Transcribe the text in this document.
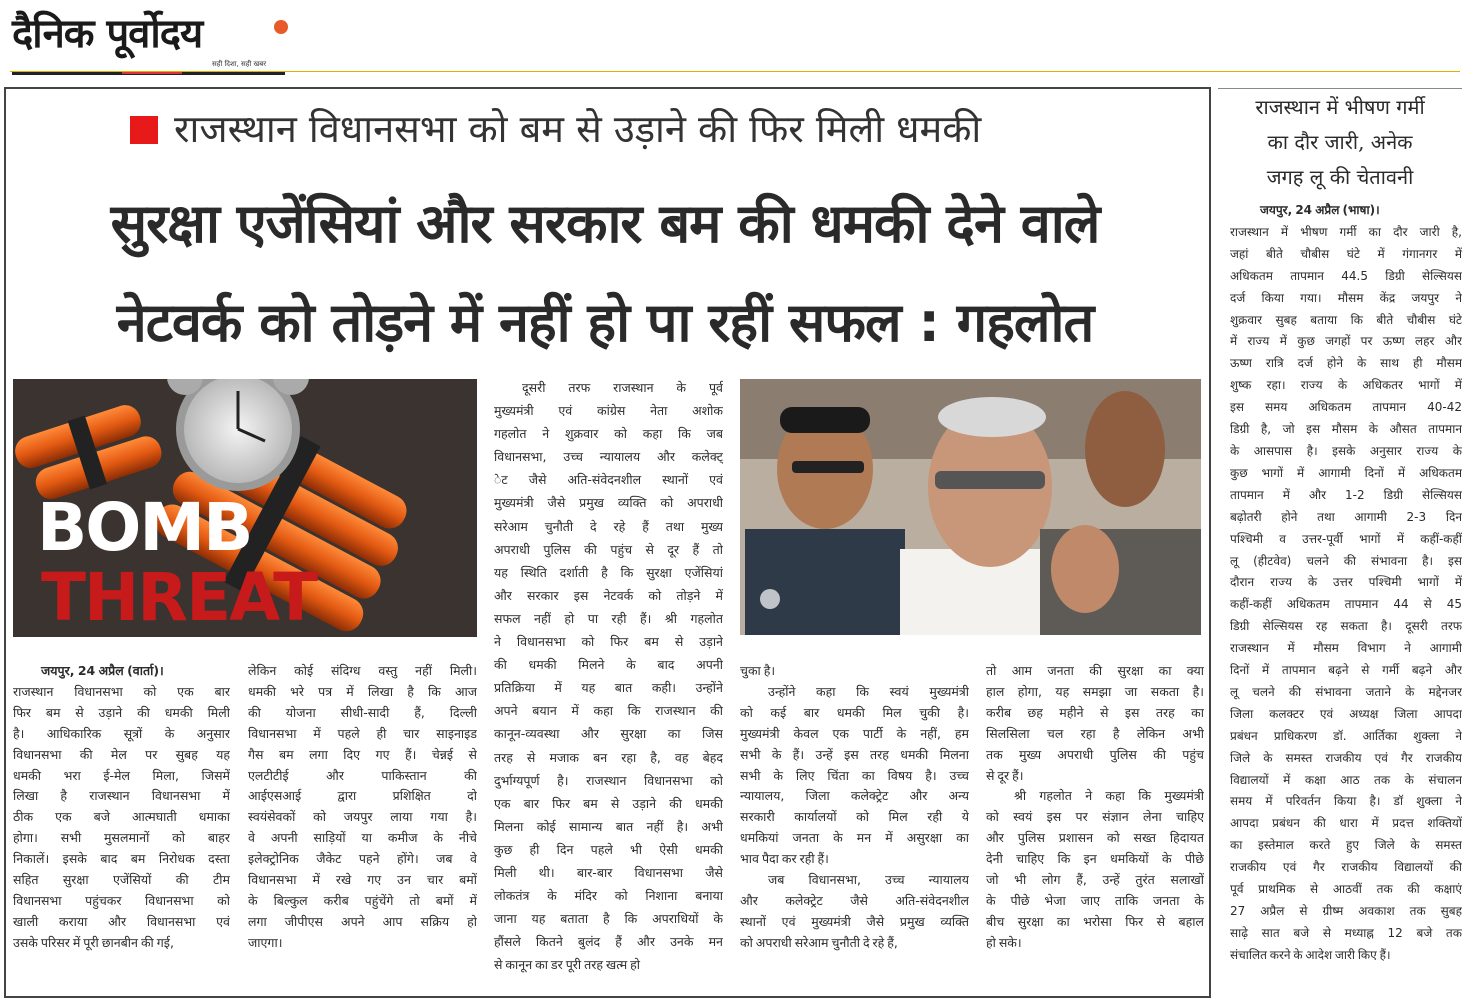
दैनिक पूर्वोदय
सही दिशा, सही खबर
राजस्थान विधानसभा को बम से उड़ाने की फिर मिली धमकी
सुरक्षा एजेंसियां और सरकार बम की धमकी देने वाले
नेटवर्क को तोड़ने में नहीं हो पा रहीं सफल : गहलोत
BOMB
THREAT
जयपुर, 24 अप्रैल (वार्ता)।
राजस्थान विधानसभा को एक बार
फिर बम से उड़ाने की धमकी मिली
है। आधिकारिक सूत्रों के अनुसार
विधानसभा की मेल पर सुबह यह
धमकी भरा ई-मेल मिला, जिसमें
लिखा है राजस्थान विधानसभा में
ठीक एक बजे आत्मघाती धमाका
होगा। सभी मुसलमानों को बाहर
निकालें। इसके बाद बम निरोधक दस्ता
सहित सुरक्षा एजेंसियों की टीम
विधानसभा पहुंचकर विधानसभा को
खाली कराया और विधानसभा एवं
उसके परिसर में पूरी छानबीन की गई,
लेकिन कोई संदिग्ध वस्तु नहीं मिली।
धमकी भरे पत्र में लिखा है कि आज
की योजना सीधी-सादी हैं, दिल्ली
विधानसभा में पहले ही चार साइनाइड
गैस बम लगा दिए गए हैं। चेन्नई से
एलटीटीई और पाकिस्तान की
आईएसआई द्वारा प्रशिक्षित दो
स्वयंसेवकों को जयपुर लाया गया है।
वे अपनी साड़ियों या कमीज के नीचे
इलेक्ट्रोनिक जैकेट पहने होंगे। जब वे
विधानसभा में रखे गए उन चार बमों
के बिल्कुल करीब पहुंचेंगे तो बमों में
लगा जीपीएस अपने आप सक्रिय हो
जाएगा।
दूसरी तरफ राजस्थान के पूर्व
मुख्यमंत्री एवं कांग्रेस नेता अशोक
गहलोत ने शुक्रवार को कहा कि जब
विधानसभा, उच्च न्यायालय और कलेक्ट्
ेट जैसे अति-संवेदनशील स्थानों एवं
मुख्यमंत्री जैसे प्रमुख व्यक्ति को अपराधी
सरेआम चुनौती दे रहे हैं तथा मुख्य
अपराधी पुलिस की पहुंच से दूर हैं तो
यह स्थिति दर्शाती है कि सुरक्षा एजेंसियां
और सरकार इस नेटवर्क को तोड़ने में
सफल नहीं हो पा रही हैं। श्री गहलोत
ने विधानसभा को फिर बम से उड़ाने
की धमकी मिलने के बाद अपनी
प्रतिक्रिया में यह बात कही। उन्होंने
अपने बयान में कहा कि राजस्थान की
कानून-व्यवस्था और सुरक्षा का जिस
तरह से मजाक बन रहा है, वह बेहद
दुर्भाग्यपूर्ण है। राजस्थान विधानसभा को
एक बार फिर बम से उड़ाने की धमकी
मिलना कोई सामान्य बात नहीं है। अभी
कुछ ही दिन पहले भी ऐसी धमकी
मिली थी। बार-बार विधानसभा जैसे
लोकतंत्र के मंदिर को निशाना बनाया
जाना यह बताता है कि अपराधियों के
हौंसले कितने बुलंद हैं और उनके मन
से कानून का डर पूरी तरह खत्म हो
चुका है।
उन्होंने कहा कि स्वयं मुख्यमंत्री
को कई बार धमकी मिल चुकी है।
मुख्यमंत्री केवल एक पार्टी के नहीं, हम
सभी के हैं। उन्हें इस तरह धमकी मिलना
सभी के लिए चिंता का विषय है। उच्च
न्यायालय, जिला कलेक्ट्रेट और अन्य
सरकारी कार्यालयों को मिल रही ये
धमकियां जनता के मन में असुरक्षा का
भाव पैदा कर रही हैं।
जब विधानसभा, उच्च न्यायालय
और कलेक्ट्रेट जैसे अति-संवेदनशील
स्थानों एवं मुख्यमंत्री जैसे प्रमुख व्यक्ति
को अपराधी सरेआम चुनौती दे रहे हैं,
तो आम जनता की सुरक्षा का क्या
हाल होगा, यह समझा जा सकता है।
करीब छह महीने से इस तरह का
सिलसिला चल रहा है लेकिन अभी
तक मुख्य अपराधी पुलिस की पहुंच
से दूर हैं।
श्री गहलोत ने कहा कि मुख्यमंत्री
को स्वयं इस पर संज्ञान लेना चाहिए
और पुलिस प्रशासन को सख्त हिदायत
देनी चाहिए कि इन धमकियों के पीछे
जो भी लोग हैं, उन्हें तुरंत सलाखों
के पीछे भेजा जाए ताकि जनता के
बीच सुरक्षा का भरोसा फिर से बहाल
हो सके।
राजस्थान में भीषण गर्मी
का दौर जारी, अनेक
जगह लू की चेतावनी
जयपुर, 24 अप्रैल (भाषा)।
राजस्थान में भीषण गर्मी का दौर जारी है,
जहां बीते चौबीस घंटे में गंगानगर में
अधिकतम तापमान 44.5 डिग्री सेल्सियस
दर्ज किया गया। मौसम केंद्र जयपुर ने
शुक्रवार सुबह बताया कि बीते चौबीस घंटे
में राज्य में कुछ जगहों पर ऊष्ण लहर और
ऊष्ण रात्रि दर्ज होने के साथ ही मौसम
शुष्क रहा। राज्य के अधिकतर भागों में
इस समय अधिकतम तापमान 40-42
डिग्री है, जो इस मौसम के औसत तापमान
के आसपास है। इसके अनुसार राज्य के
कुछ भागों में आगामी दिनों में अधिकतम
तापमान में और 1-2 डिग्री सेल्सियस
बढ़ोतरी होने तथा आगामी 2-3 दिन
पश्चिमी व उत्तर-पूर्वी भागों में कहीं-कहीं
लू (हीटवेव) चलने की संभावना है। इस
दौरान राज्य के उत्तर पश्चिमी भागों में
कहीं-कहीं अधिकतम तापमान 44 से 45
डिग्री सेल्सियस रह सकता है। दूसरी तरफ
राजस्थान में मौसम विभाग ने आगामी
दिनों में तापमान बढ़ने से गर्मी बढ़ने और
लू चलने की संभावना जताने के मद्देनजर
जिला कलक्टर एवं अध्यक्ष जिला आपदा
प्रबंधन प्राधिकरण डॉ. आर्तिका शुक्ला ने
जिले के समस्त राजकीय एवं गैर राजकीय
विद्यालयों में कक्षा आठ तक के संचालन
समय में परिवर्तन किया है। डॉ शुक्ला ने
आपदा प्रबंधन की धारा में प्रदत्त शक्तियों
का इस्तेमाल करते हुए जिले के समस्त
राजकीय एवं गैर राजकीय विद्यालयों की
पूर्व प्राथमिक से आठवीं तक की कक्षाएं
27 अप्रैल से ग्रीष्म अवकाश तक सुबह
साढ़े सात बजे से मध्याह्न 12 बजे तक
संचालित करने के आदेश जारी किए हैं।
